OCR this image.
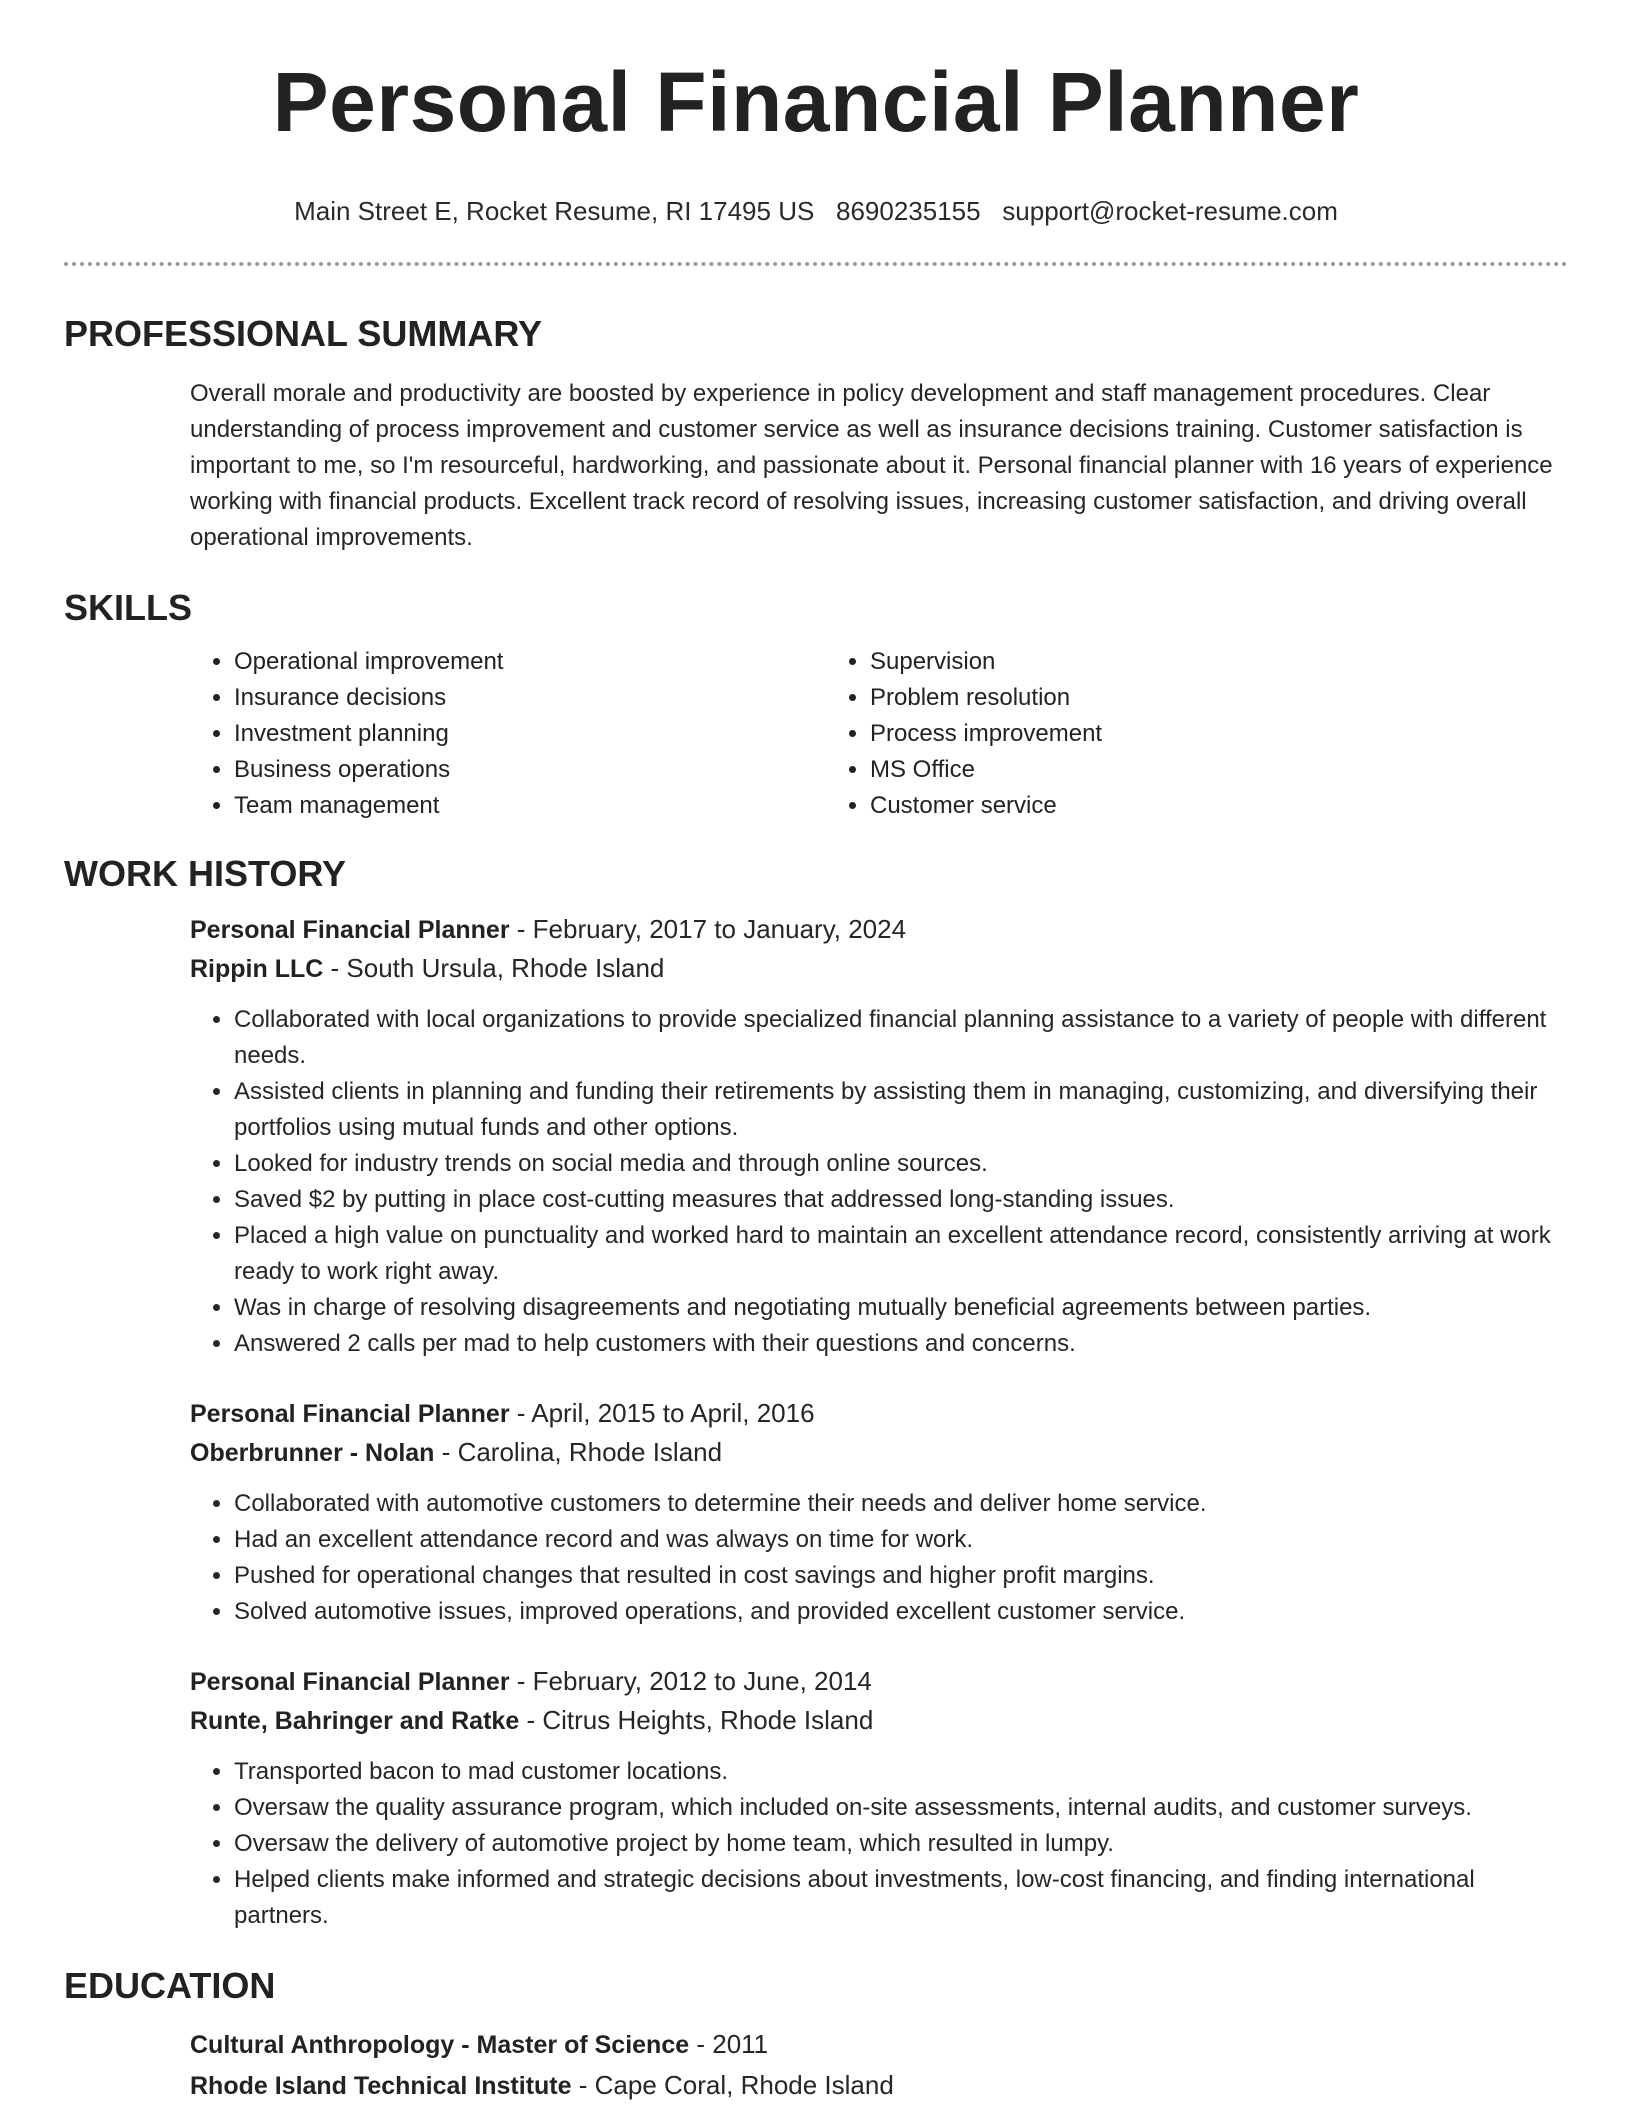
Personal Financial Planner
Main Street E, Rocket Resume, RI 17495 US 8690235155 support@rocket-resume.com
PROFESSIONAL SUMMARY

Overall morale and productivity are boosted by experience in policy development and staff management procedures. Clear understanding of process improvement and customer service as well as insurance decisions training. Customer satisfaction is important to me, so I'm resourceful, hardworking, and passionate about it. Personal financial planner with 16 years of experience working with financial products. Excellent track record of resolving issues, increasing customer satisfaction, and driving overall operational improvements.

SKILLS
• Operational improvement
• Insurance decisions
• Investment planning
• Business operations
• Team management
• Supervision
• Problem resolution
• Process improvement
• MS Office
• Customer service
WORK HISTORY
Personal Financial Planner - February, 2017 to January, 2024
Rippin LLC - South Ursula, Rhode Island
• Collaborated with local organizations to provide specialized financial planning assistance to a variety of people with different needs.
• Assisted clients in planning and funding their retirements by assisting them in managing, customizing, and diversifying their portfolios using mutual funds and other options.
• Looked for industry trends on social media and through online sources.
• Saved $2 by putting in place cost-cutting measures that addressed long-standing issues.
• Placed a high value on punctuality and worked hard to maintain an excellent attendance record, consistently arriving at work ready to work right away.
• Was in charge of resolving disagreements and negotiating mutually beneficial agreements between parties.
• Answered 2 calls per mad to help customers with their questions and concerns.
Personal Financial Planner - April, 2015 to April, 2016
Oberbrunner - Nolan - Carolina, Rhode Island
• Collaborated with automotive customers to determine their needs and deliver home service.
• Had an excellent attendance record and was always on time for work.
• Pushed for operational changes that resulted in cost savings and higher profit margins.
• Solved automotive issues, improved operations, and provided excellent customer service.
Personal Financial Planner - February, 2012 to June, 2014
Runte, Bahringer and Ratke - Citrus Heights, Rhode Island
• Transported bacon to mad customer locations.
• Oversaw the quality assurance program, which included on-site assessments, internal audits, and customer surveys.
• Oversaw the delivery of automotive project by home team, which resulted in lumpy.
• Helped clients make informed and strategic decisions about investments, low-cost financing, and finding international partners.
EDUCATION
Cultural Anthropology - Master of Science - 2011
Rhode Island Technical Institute - Cape Coral, Rhode Island
